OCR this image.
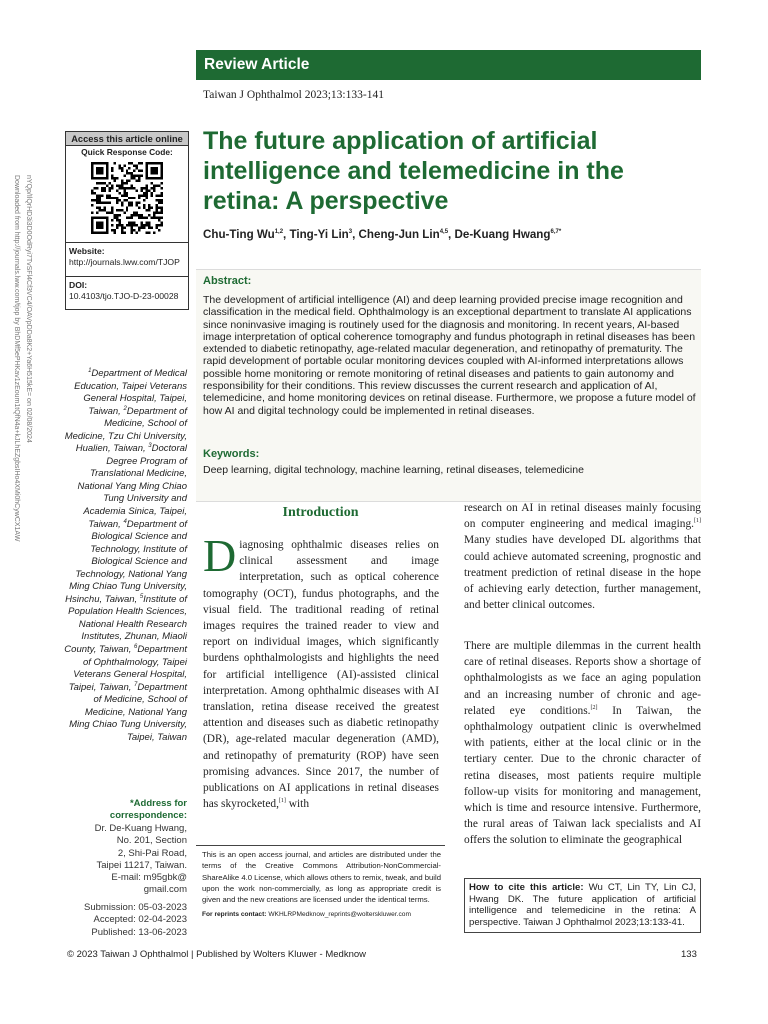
Review Article
Taiwan J Ophthalmol 2023;13:133-141
Downloaded from http://journals.lww.com/tjop by BhDMf5ePHKav1zEoum1tQfN4a+kJLhEZgbsIHo4XMi0hCywCX1AW nYQp/IlQrHD3i3D0OdRyi7TvSFl4Cf3VC4/OAVpDDa8K2+Ya6H515kE= on 02/08/2024
Access this article online
Quick Response Code:
Website:
http://journals.lww.com/TJOP
DOI:
10.4103/tjo.TJO-D-23-00028
The future application of artificial intelligence and telemedicine in the retina: A perspective
Chu-Ting Wu$^{1,2}$, Ting-Yi Lin$^3$, Cheng-Jun Lin$^{4,5}$, De-Kuang Hwang$^{6,7*}$
Abstract:
The development of artificial intelligence (AI) and deep learning provided precise image recognition and classification in the medical field. Ophthalmology is an exceptional department to translate AI applications since noninvasive imaging is routinely used for the diagnosis and monitoring. In recent years, AI-based image interpretation of optical coherence tomography and fundus photograph in retinal diseases has been extended to diabetic retinopathy, age-related macular degeneration, and retinopathy of prematurity. The rapid development of portable ocular monitoring devices coupled with AI-informed interpretations allows possible home monitoring or remote monitoring of retinal diseases and patients to gain autonomy and responsibility for their conditions. This review discusses the current research and application of AI, telemedicine, and home monitoring devices on retinal disease. Furthermore, we propose a future model of how AI and digital technology could be implemented in retinal diseases.
Keywords:
Deep learning, digital technology, machine learning, retinal diseases, telemedicine
$^1$Department of Medical Education, Taipei Veterans General Hospital, Taipei, Taiwan, $^2$Department of Medicine, School of Medicine, Tzu Chi University, Hualien, Taiwan, $^3$Doctoral Degree Program of Translational Medicine, National Yang Ming Chiao Tung University and Academia Sinica, Taipei, Taiwan, $^4$Department of Biological Science and Technology, Institute of Biological Science and Technology, National Yang Ming Chiao Tung University, Hsinchu, Taiwan, $^5$Institute of Population Health Sciences, National Health Research Institutes, Zhunan, Miaoli County, Taiwan, $^6$Department of Ophthalmology, Taipei Veterans General Hospital, Taipei, Taiwan, $^7$Department of Medicine, School of Medicine, National Yang Ming Chiao Tung University, Taipei, Taiwan
*Address for correspondence:
Dr. De-Kuang Hwang,
No. 201, Section
2, Shi-Pai Road,
Taipei 11217, Taiwan.
E-mail: m95gbk@
gmail.com
Submission: 05-03-2023
Accepted: 02-04-2023
Published: 13-06-2023
Introduction
Diagnosing ophthalmic diseases relies on clinical assessment and image interpretation, such as optical coherence tomography (OCT), fundus photographs, and the visual field. The traditional reading of retinal images requires the trained reader to view and report on individual images, which significantly burdens ophthalmologists and highlights the need for artificial intelligence (AI)-assisted clinical interpretation. Among ophthalmic diseases with AI translation, retina disease received the greatest attention and diseases such as diabetic retinopathy (DR), age-related macular degeneration (AMD), and retinopathy of prematurity (ROP) have seen promising advances. Since 2017, the number of publications on AI applications in retinal diseases has skyrocketed,[1] with
research on AI in retinal diseases mainly focusing on computer engineering and medical imaging.[1] Many studies have developed DL algorithms that could achieve automated screening, prognostic and treatment prediction of retinal disease in the hope of achieving early detection, further management, and better clinical outcomes.
There are multiple dilemmas in the current health care of retinal diseases. Reports show a shortage of ophthalmologists as we face an aging population and an increasing number of chronic and age-related eye conditions.[2] In Taiwan, the ophthalmology outpatient clinic is overwhelmed with patients, either at the local clinic or in the tertiary center. Due to the chronic character of retina diseases, most patients require multiple follow-up visits for monitoring and management, which is time and resource intensive. Furthermore, the rural areas of Taiwan lack specialists and AI offers the solution to eliminate the geographical
This is an open access journal, and articles are distributed under the terms of the Creative Commons Attribution-NonCommercial-ShareAlike 4.0 License, which allows others to remix, tweak, and build upon the work non-commercially, as long as appropriate credit is given and the new creations are licensed under the identical terms.
For reprints contact: WKHLRPMedknow_reprints@wolterskluwer.com
How to cite this article: Wu CT, Lin TY, Lin CJ, Hwang DK. The future application of artificial intelligence and telemedicine in the retina: A perspective. Taiwan J Ophthalmol 2023;13:133-41.
© 2023 Taiwan J Ophthalmol | Published by Wolters Kluwer - Medknow	133
